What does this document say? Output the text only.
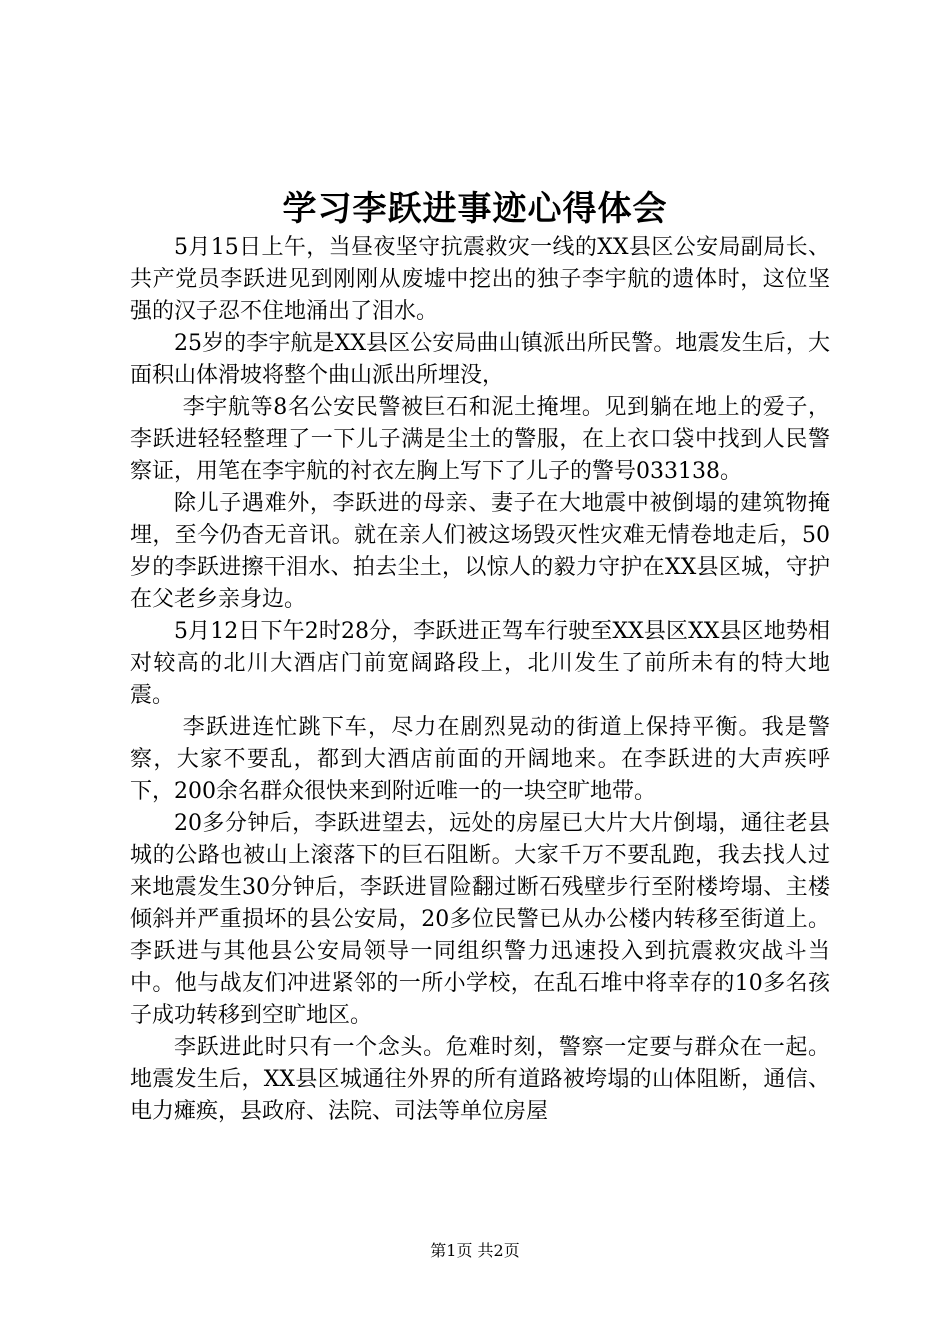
学习李跃进事迹心得体会

5月15日上午，当昼夜坚守抗震救灾一线的XX县区公安局副局长、共产党员李跃进见到刚刚从废墟中挖出的独子李宇航的遗体时，这位坚强的汉子忍不住地涌出了泪水。

25岁的李宇航是XX县区公安局曲山镇派出所民警。地震发生后，大面积山体滑坡将整个曲山派出所埋没，

李宇航等8名公安民警被巨石和泥土掩埋。见到躺在地上的爱子，李跃进轻轻整理了一下儿子满是尘土的警服，在上衣口袋中找到人民警察证，用笔在李宇航的衬衣左胸上写下了儿子的警号033138。

除儿子遇难外，李跃进的母亲、妻子在大地震中被倒塌的建筑物掩埋，至今仍杳无音讯。就在亲人们被这场毁灭性灾难无情卷地走后，50岁的李跃进擦干泪水、拍去尘土，以惊人的毅力守护在XX县区城，守护在父老乡亲身边。

5月12日下午2时28分，李跃进正驾车行驶至XX县区XX县区地势相对较高的北川大酒店门前宽阔路段上，北川发生了前所未有的特大地震。

李跃进连忙跳下车，尽力在剧烈晃动的街道上保持平衡。我是警察，大家不要乱，都到大酒店前面的开阔地来。在李跃进的大声疾呼下，200余名群众很快来到附近唯一的一块空旷地带。

20多分钟后，李跃进望去，远处的房屋已大片大片倒塌，通往老县城的公路也被山上滚落下的巨石阻断。大家千万不要乱跑，我去找人过来地震发生30分钟后，李跃进冒险翻过断石残壁步行至附楼垮塌、主楼倾斜并严重损坏的县公安局，20多位民警已从办公楼内转移至街道上。李跃进与其他县公安局领导一同组织警力迅速投入到抗震救灾战斗当中。他与战友们冲进紧邻的一所小学校，在乱石堆中将幸存的10多名孩子成功转移到空旷地区。

李跃进此时只有一个念头。危难时刻，警察一定要与群众在一起。地震发生后，XX县区城通往外界的所有道路被垮塌的山体阻断，通信、电力瘫痪，县政府、法院、司法等单位房屋

第1页 共2页
